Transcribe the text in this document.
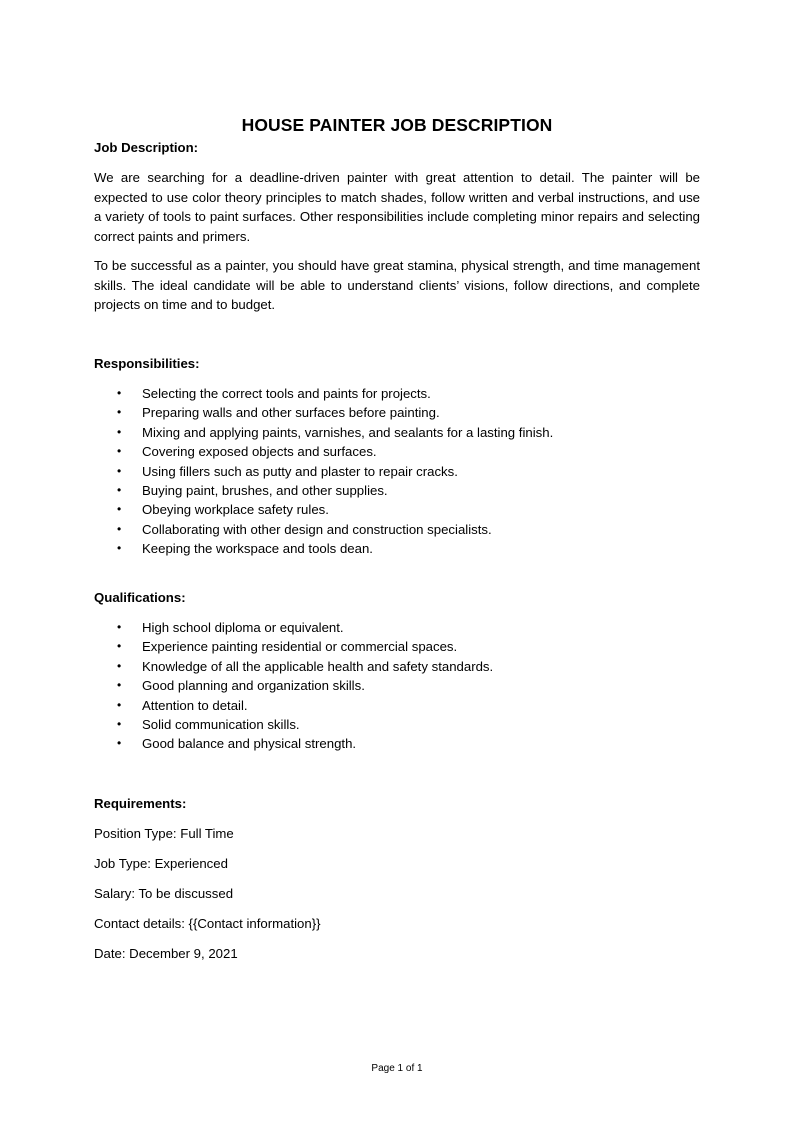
HOUSE PAINTER JOB DESCRIPTION
Job Description:

We are searching for a deadline-driven painter with great attention to detail. The painter will be expected to use color theory principles to match shades, follow written and verbal instructions, and use a variety of tools to paint surfaces. Other responsibilities include completing minor repairs and selecting correct paints and primers.

To be successful as a painter, you should have great stamina, physical strength, and time management skills. The ideal candidate will be able to understand clients’ visions, follow directions, and complete projects on time and to budget.

Responsibilities:
• Selecting the correct tools and paints for projects.
• Preparing walls and other surfaces before painting.
• Mixing and applying paints, varnishes, and sealants for a lasting finish.
• Covering exposed objects and surfaces.
• Using fillers such as putty and plaster to repair cracks.
• Buying paint, brushes, and other supplies.
• Obeying workplace safety rules.
• Collaborating with other design and construction specialists.
• Keeping the workspace and tools dean.
Qualifications:
• High school diploma or equivalent.
• Experience painting residential or commercial spaces.
• Knowledge of all the applicable health and safety standards.
• Good planning and organization skills.
• Attention to detail.
• Solid communication skills.
• Good balance and physical strength.
Requirements:
Position Type: Full Time
Job Type: Experienced
Salary: To be discussed
Contact details: {{Contact information}}
Date: December 9, 2021
Page 1 of 1
